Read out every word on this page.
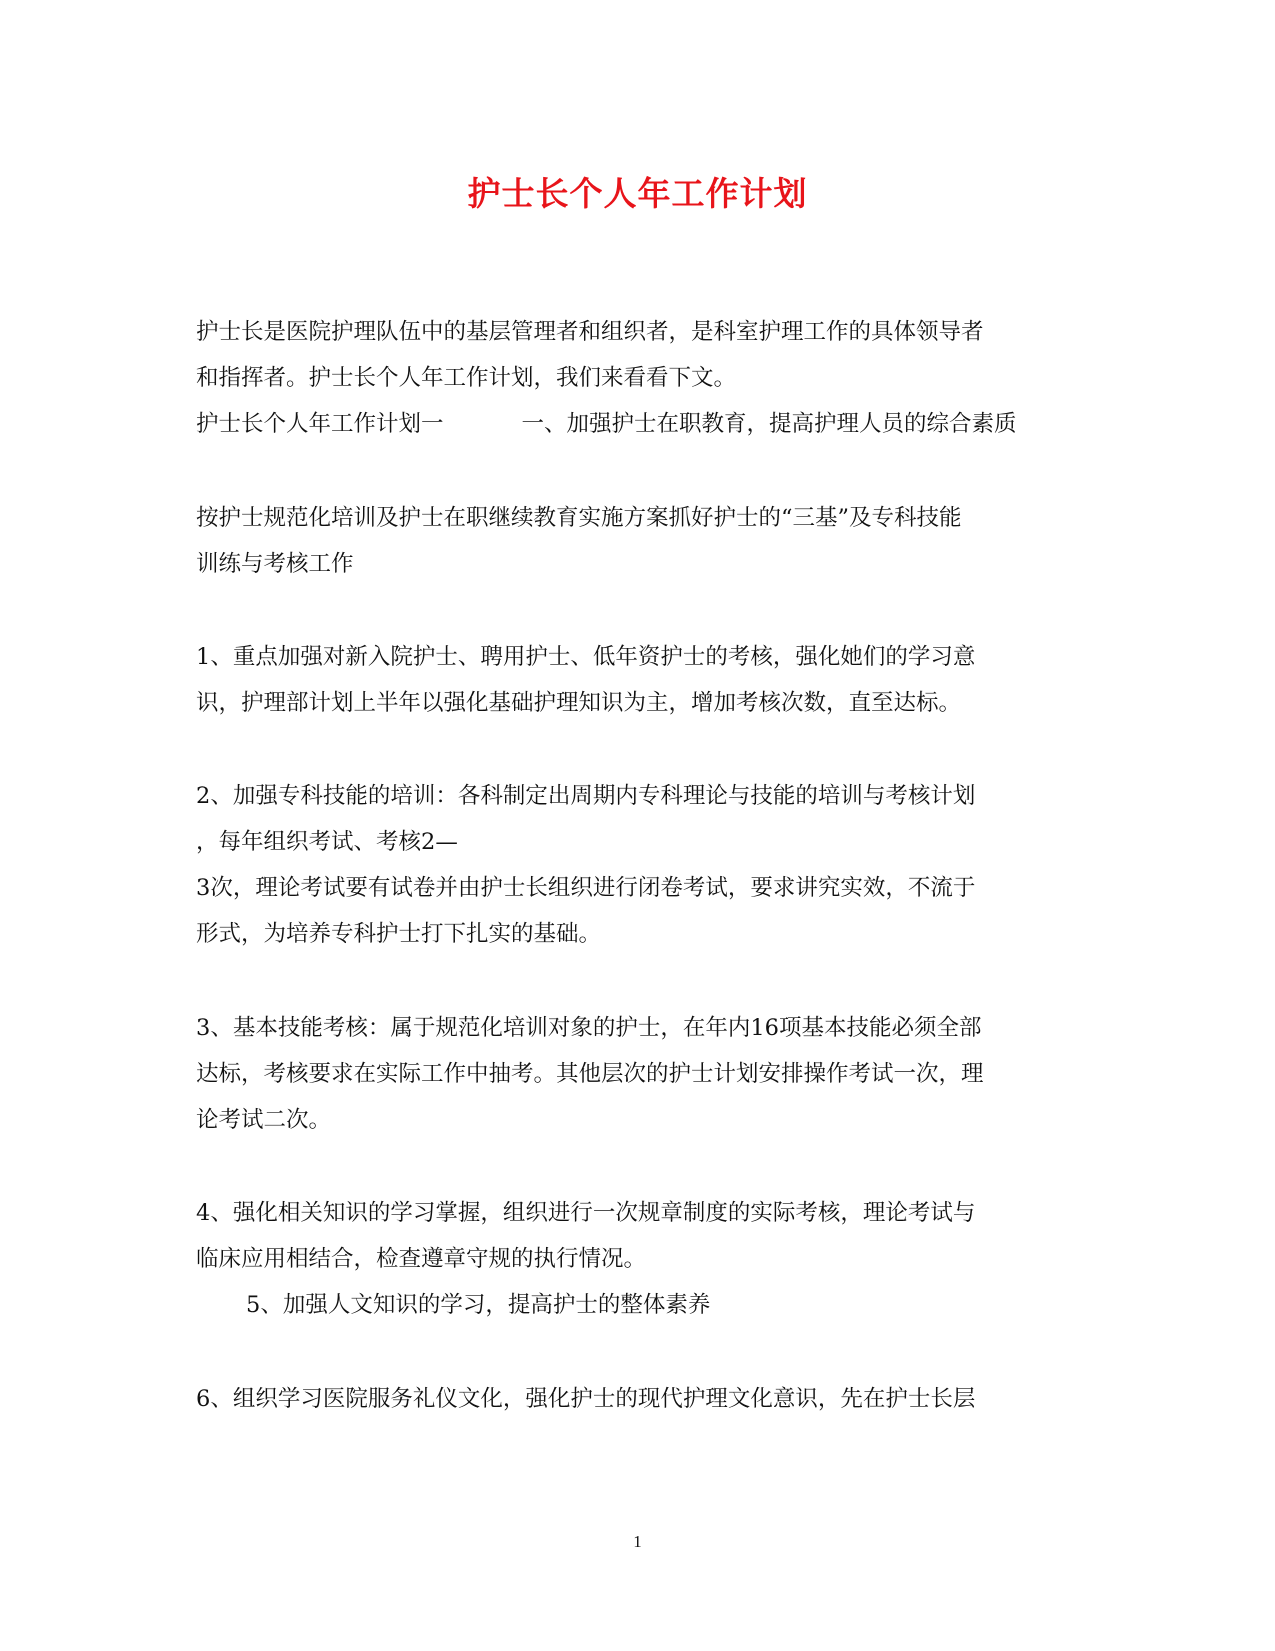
护士长个人年工作计划
护士长是医院护理队伍中的基层管理者和组织者，是科室护理工作的具体领导者
和指挥者。护士长个人年工作计划，我们来看看下文。
护士长个人年工作计划一	一、加强护士在职教育，提高护理人员的综合素质
按护士规范化培训及护士在职继续教育实施方案抓好护士的“三基”及专科技能
训练与考核工作
1、重点加强对新入院护士、聘用护士、低年资护士的考核，强化她们的学习意
识，护理部计划上半年以强化基础护理知识为主，增加考核次数，直至达标。
2、加强专科技能的培训：各科制定出周期内专科理论与技能的培训与考核计划
，每年组织考试、考核2—
3次，理论考试要有试卷并由护士长组织进行闭卷考试，要求讲究实效，不流于
形式，为培养专科护士打下扎实的基础。
3、基本技能考核：属于规范化培训对象的护士，在年内16项基本技能必须全部
达标，考核要求在实际工作中抽考。其他层次的护士计划安排操作考试一次，理
论考试二次。
4、强化相关知识的学习掌握，组织进行一次规章制度的实际考核，理论考试与
临床应用相结合，检查遵章守规的执行情况。
5、加强人文知识的学习，提高护士的整体素养
6、组织学习医院服务礼仪文化，强化护士的现代护理文化意识，先在护士长层
1
